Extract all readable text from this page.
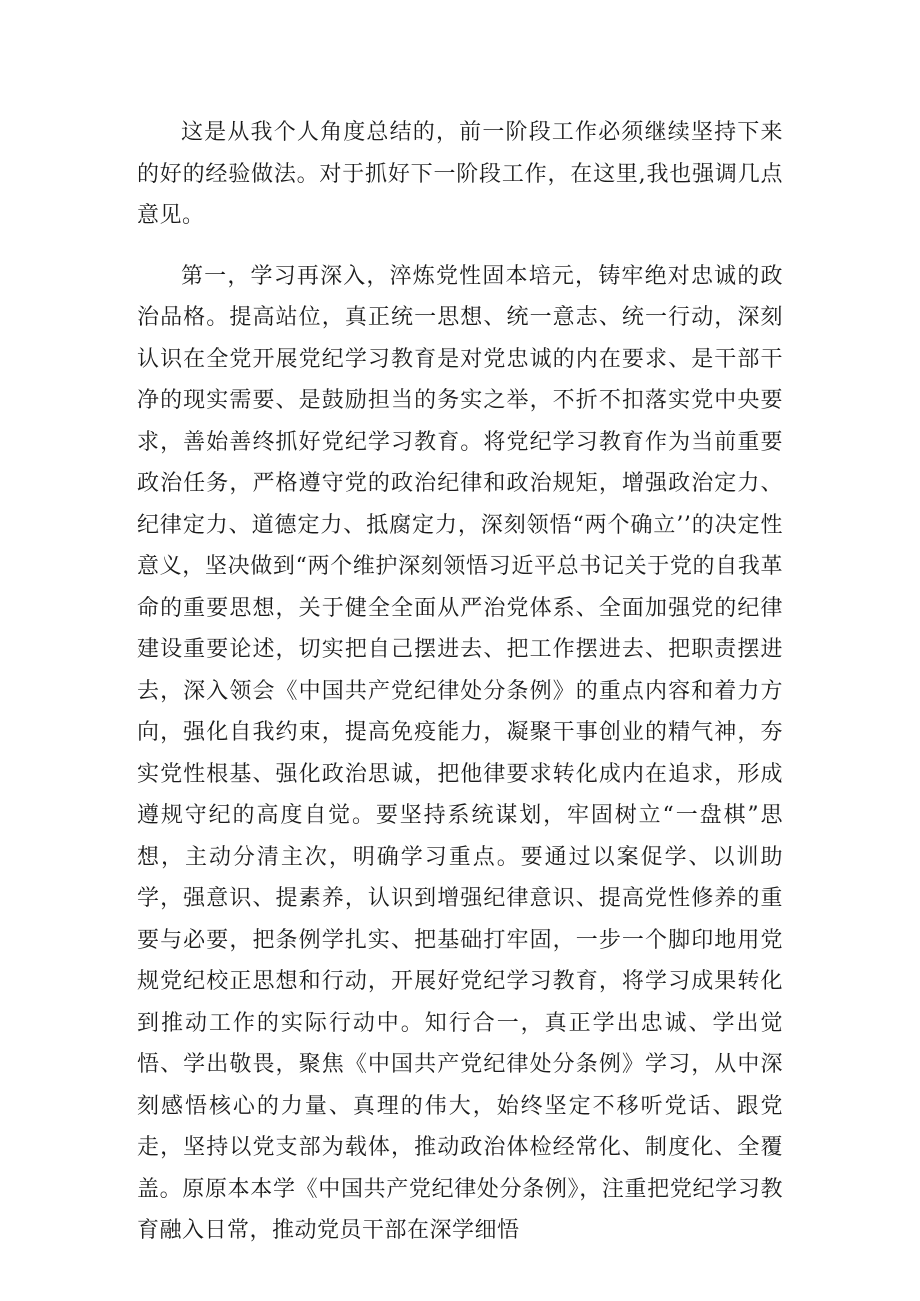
这是从我个人角度总结的，前一阶段工作必须继续坚持下来的好的经验做法。对于抓好下一阶段工作，在这里,我也强调几点意见。

第一，学习再深入，淬炼党性固本培元，铸牢绝对忠诚的政治品格。提高站位，真正统一思想、统一意志、统一行动，深刻认识在全党开展党纪学习教育是对党忠诚的内在要求、是干部干净的现实需要、是鼓励担当的务实之举，不折不扣落实党中央要求，善始善终抓好党纪学习教育。将党纪学习教育作为当前重要政治任务，严格遵守党的政治纪律和政治规矩，增强政治定力、纪律定力、道德定力、抵腐定力，深刻领悟“两个确立’’的决定性意义，坚决做到“两个维护深刻领悟习近平总书记关于党的自我革命的重要思想，关于健全全面从严治党体系、全面加强党的纪律建设重要论述，切实把自己摆进去、把工作摆进去、把职责摆进去，深入领会《中国共产党纪律处分条例》的重点内容和着力方向，强化自我约束，提高免疫能力，凝聚干事创业的精气神，夯实党性根基、强化政治思诚，把他律要求转化成内在追求，形成遵规守纪的高度自觉。要坚持系统谋划，牢固树立“一盘棋”思想，主动分清主次，明确学习重点。要通过以案促学、以训助学，强意识、提素养，认识到增强纪律意识、提高党性修养的重要与必要，把条例学扎实、把基础打牢固，一步一个脚印地用党规党纪校正思想和行动，开展好党纪学习教育，将学习成果转化到推动工作的实际行动中。知行合一，真正学出忠诚、学出觉悟、学出敬畏，聚焦《中国共产党纪律处分条例》学习，从中深刻感悟核心的力量、真理的伟大，始终坚定不移听党话、跟党走，坚持以党支部为载体，推动政治体检经常化、制度化、全覆盖。原原本本学《中国共产党纪律处分条例》，注重把党纪学习教育融入日常，推动党员干部在深学细悟
